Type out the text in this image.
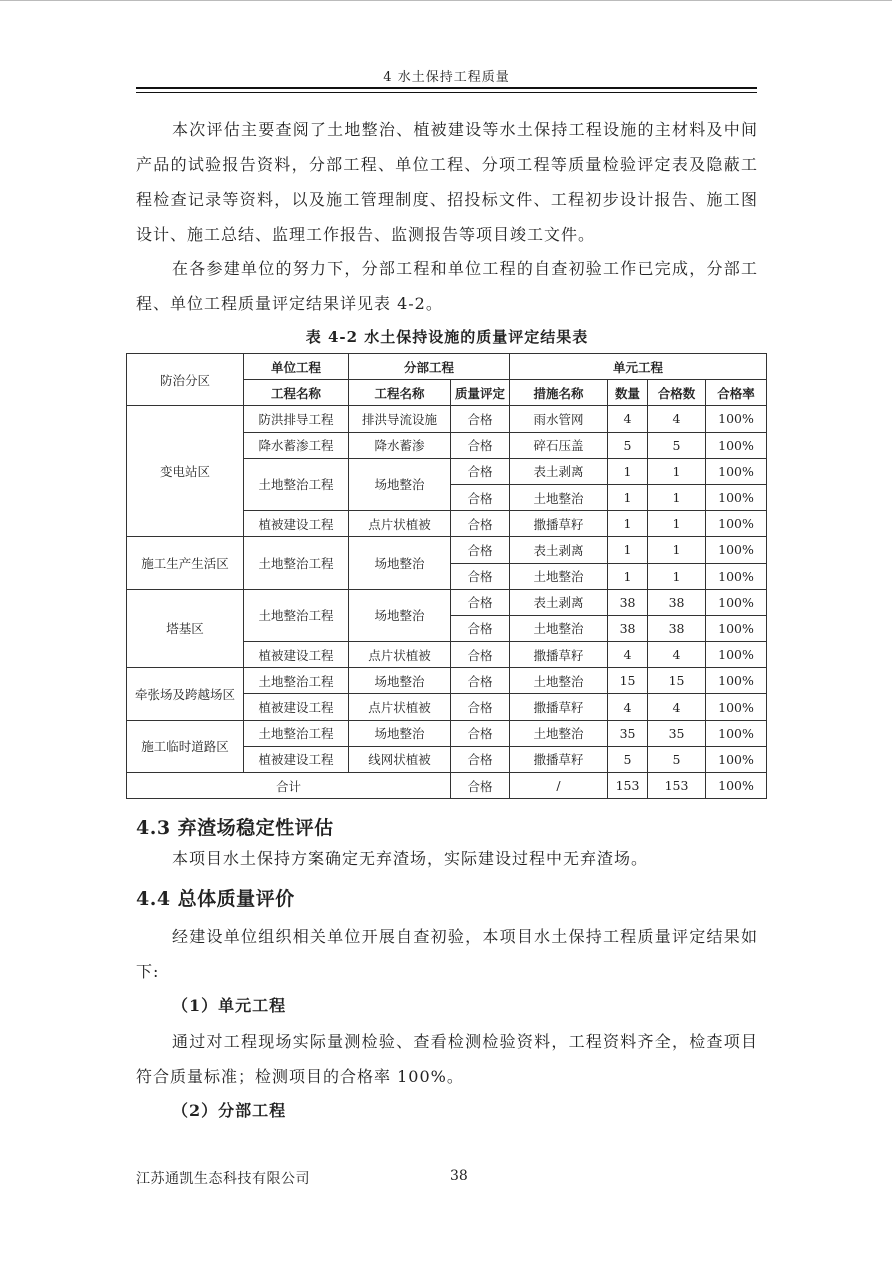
4 水土保持工程质量

本次评估主要查阅了土地整治、植被建设等水土保持工程设施的主材料及中间产品的试验报告资料，分部工程、单位工程、分项工程等质量检验评定表及隐蔽工程检查记录等资料，以及施工管理制度、招投标文件、工程初步设计报告、施工图设计、施工总结、监理工作报告、监测报告等项目竣工文件。

在各参建单位的努力下，分部工程和单位工程的自查初验工作已完成，分部工程、单位工程质量评定结果详见表 4-2。

表 4-2 水土保持设施的质量评定结果表
防治分区	单位工程	分部工程		单元工程			
	工程名称	工程名称	质量评定	措施名称	数量	合格数	合格率
变电站区	防洪排导工程	排洪导流设施	合格	雨水管网	4	4	100%
	降水蓄渗工程	降水蓄渗	合格	碎石压盖	5	5	100%
	土地整治工程	场地整治	合格	表土剥离	1	1	100%
			合格	土地整治	1	1	100%
	植被建设工程	点片状植被	合格	撒播草籽	1	1	100%
施工生产生活区	土地整治工程	场地整治	合格	表土剥离	1	1	100%
			合格	土地整治	1	1	100%
塔基区	土地整治工程	场地整治	合格	表土剥离	38	38	100%
			合格	土地整治	38	38	100%
	植被建设工程	点片状植被	合格	撒播草籽	4	4	100%
牵张场及跨越场区	土地整治工程	场地整治	合格	土地整治	15	15	100%
	植被建设工程	点片状植被	合格	撒播草籽	4	4	100%
施工临时道路区	土地整治工程	场地整治	合格	土地整治	35	35	100%
	植被建设工程	线网状植被	合格	撒播草籽	5	5	100%
合计			合格	/	153	153	100%
4.3 弃渣场稳定性评估

本项目水土保持方案确定无弃渣场，实际建设过程中无弃渣场。

4.4 总体质量评价

经建设单位组织相关单位开展自查初验，本项目水土保持工程质量评定结果如下:

（1）单元工程

通过对工程现场实际量测检验、查看检测检验资料，工程资料齐全，检查项目符合质量标准；检测项目的合格率 100%。

（2）分部工程
江苏通凯生态科技有限公司	38
